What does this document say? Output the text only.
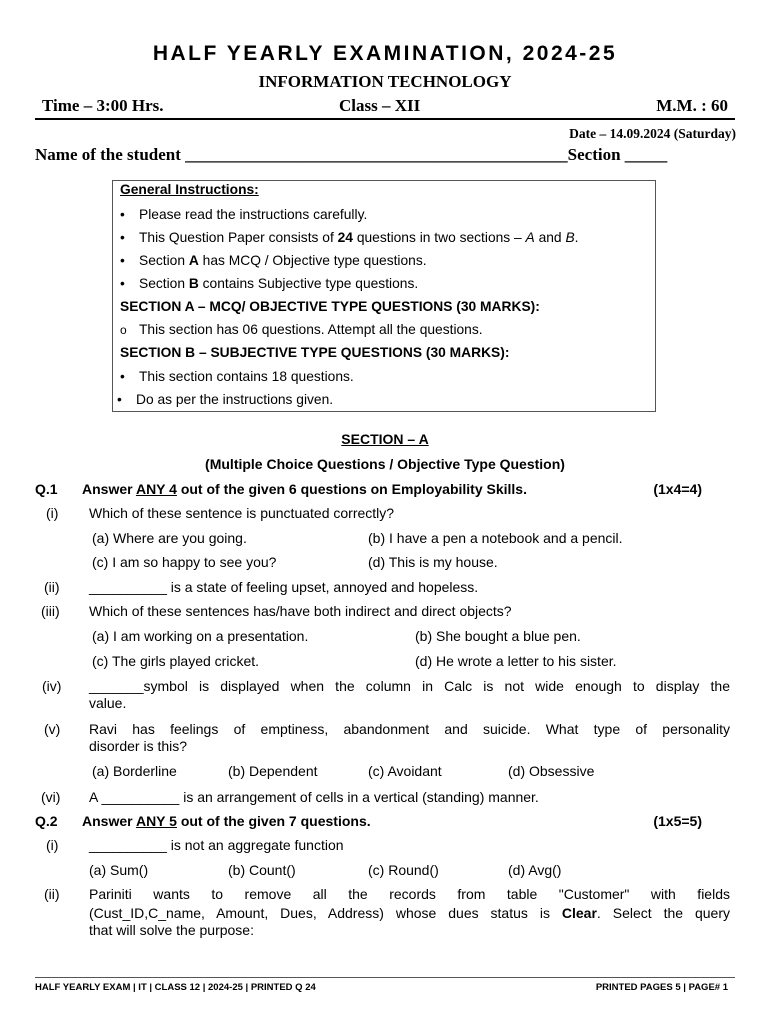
HALF YEARLY EXAMINATION, 2024-25
INFORMATION TECHNOLOGY
Time – 3:00 Hrs.	Class – XII	M.M. : 60
Date – 14.09.2024 (Saturday)
Name of the student _____________________________________________Section _____
General Instructions:
• Please read the instructions carefully.
• This Question Paper consists of 24 questions in two sections – A and B.
• Section A has MCQ / Objective type questions.
• Section B contains Subjective type questions.
SECTION A – MCQ/ OBJECTIVE TYPE QUESTIONS (30 MARKS):
o This section has 06 questions. Attempt all the questions.
SECTION B – SUBJECTIVE TYPE QUESTIONS (30 MARKS):
• This section contains 18 questions.
• Do as per the instructions given.
SECTION – A
(Multiple Choice Questions / Objective Type Question)
Q.1 Answer ANY 4 out of the given 6 questions on Employability Skills.	(1x4=4)
(i) Which of these sentence is punctuated correctly?
(a) Where are you going.	(b) I have a pen a notebook and a pencil.
(c) I am so happy to see you?	(d) This is my house.
(ii) __________ is a state of feeling upset, annoyed and hopeless.
(iii) Which of these sentences has/have both indirect and direct objects?
(a) I am working on a presentation.	(b) She bought a blue pen.
(c) The girls played cricket.	(d) He wrote a letter to his sister.
(iv) _______symbol is displayed when the column in Calc is not wide enough to display the
value.
(v) Ravi has feelings of emptiness, abandonment and suicide. What type of personality
disorder is this?
(a) Borderline	(b) Dependent	(c) Avoidant	(d) Obsessive
(vi) A __________ is an arrangement of cells in a vertical (standing) manner.
Q.2 Answer ANY 5 out of the given 7 questions.	(1x5=5)
(i) __________ is not an aggregate function
(a) Sum()	(b) Count()	(c) Round()	(d) Avg()
(ii) Pariniti wants to remove all the records from table "Customer" with fields
(Cust_ID,C_name, Amount, Dues, Address) whose dues status is Clear. Select the query
that will solve the purpose:
HALF YEARLY EXAM | IT | CLASS 12 | 2024-25 | PRINTED Q 24	PRINTED PAGES 5 | PAGE# 1
